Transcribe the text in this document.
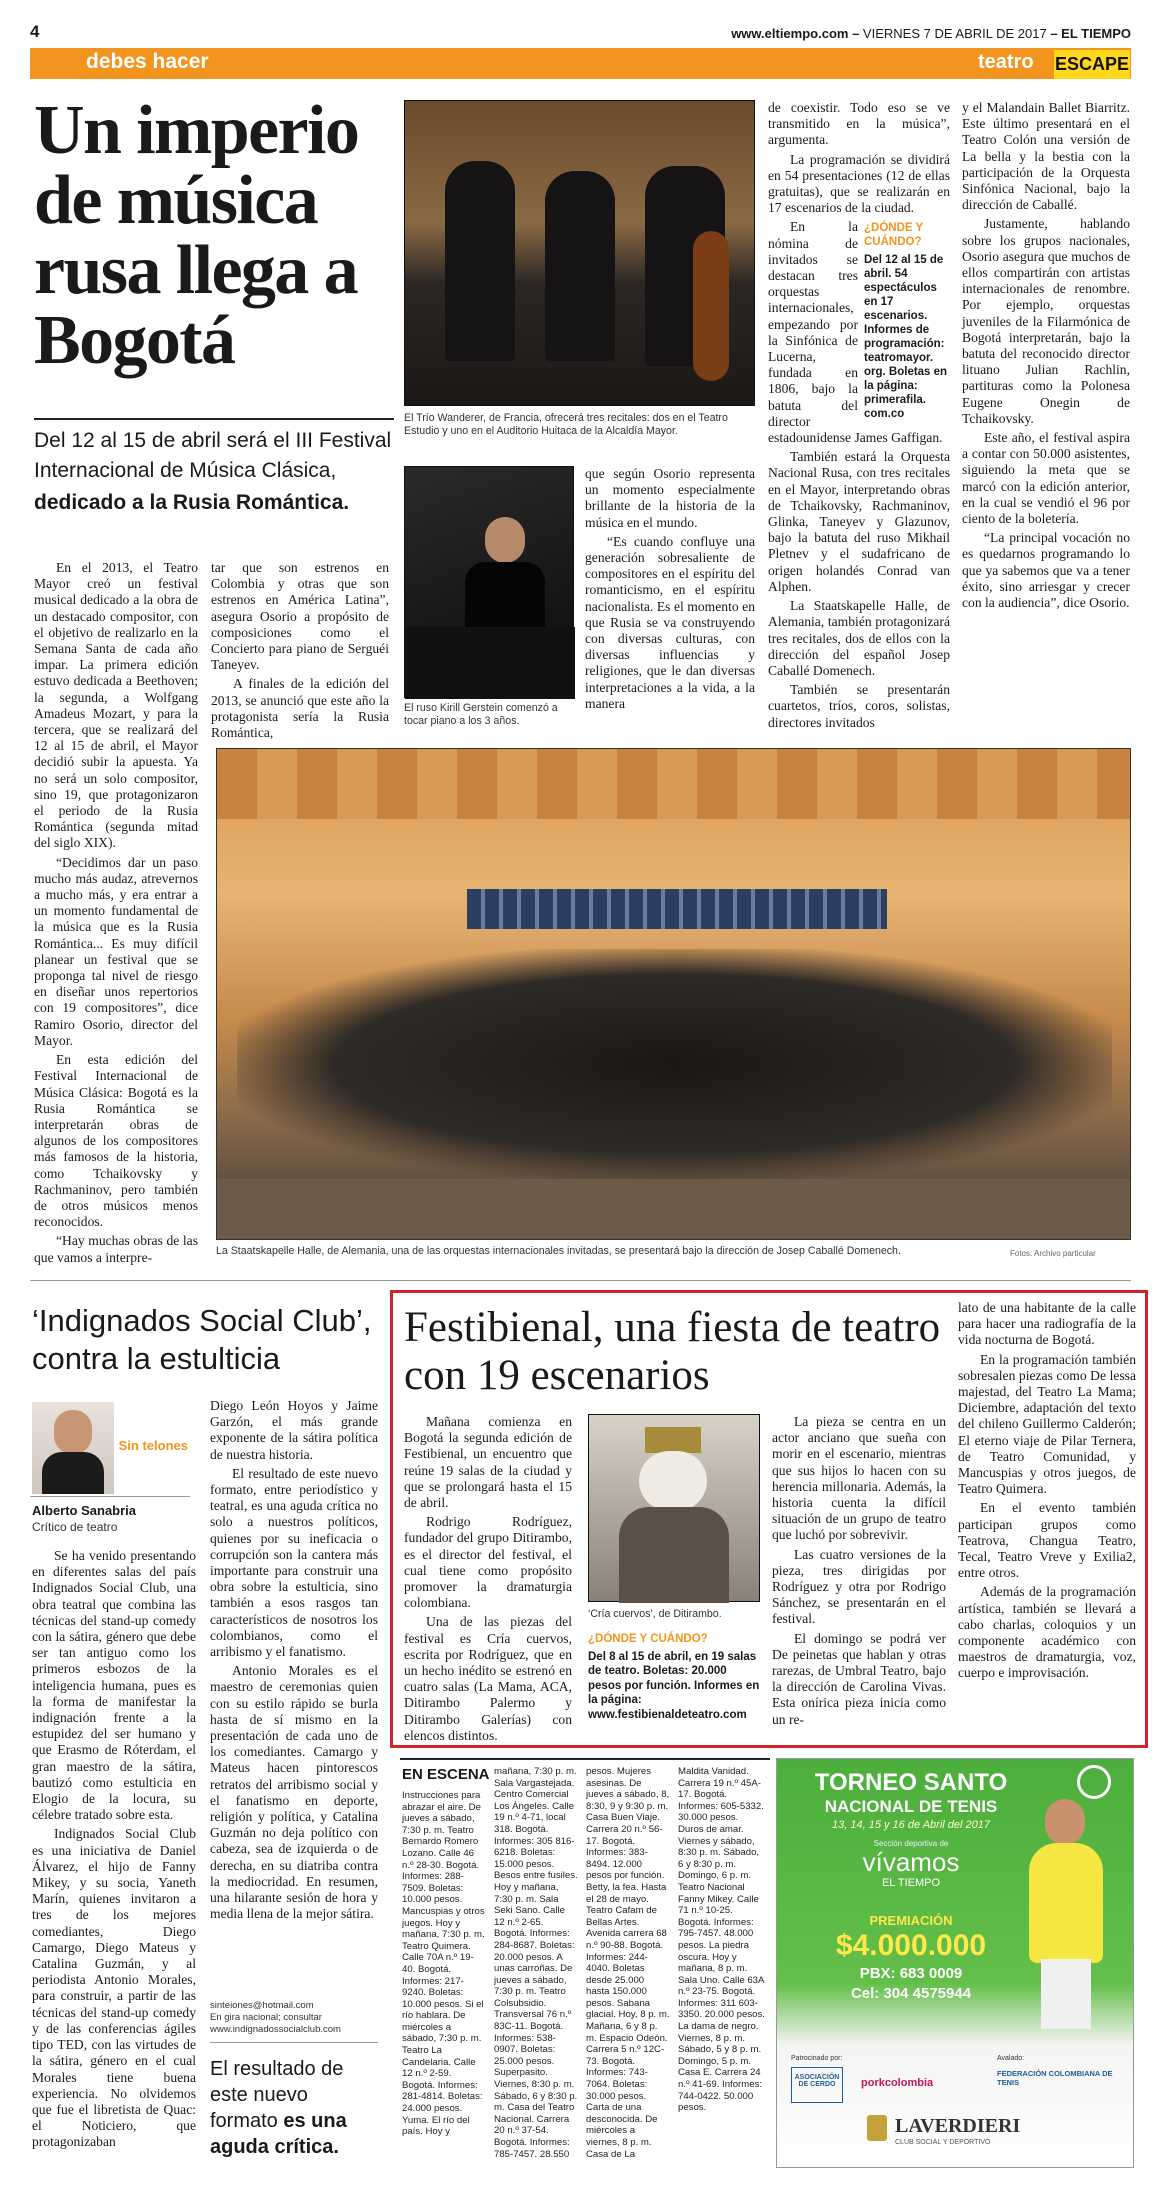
4	www.eltiempo.com – VIERNES 7 DE ABRIL DE 2017 – EL TIEMPO
debes hacer	teatro ESCAPE
Un imperio de música rusa llega a Bogotá
Del 12 al 15 de abril será el III Festival Internacional de Música Clásica,
dedicado a la Rusia Romántica.

En el 2013, el Teatro Mayor creó un festival musical dedicado a la obra de un destacado compositor, con el objetivo de realizarlo en la Semana Santa de cada año impar. La primera edición estuvo dedicada a Beethoven; la segunda, a Wolfgang Amadeus Mozart, y para la tercera, que se realizará del 12 al 15 de abril, el Mayor decidió subir la apuesta. Ya no será un solo compositor, sino 19, que protagonizaron el periodo de la Rusia Romántica (segunda mitad del siglo XIX).

“Decidimos dar un paso mucho más audaz, atrevernos a mucho más, y era entrar a un momento fundamental de la música que es la Rusia Romántica... Es muy difícil planear un festival que se proponga tal nivel de riesgo en diseñar unos repertorios con 19 compositores”, dice Ramiro Osorio, director del Mayor.

En esta edición del Festival Internacional de Música Clásica: Bogotá es la Rusia Romántica se interpretarán obras de algunos de los compositores más famosos de la historia, como Tchaikovsky y Rachmaninov, pero también de otros músicos menos reconocidos.

“Hay muchas obras de las que vamos a interpre-

tar que son estrenos en Colombia y otras que son estrenos en América Latina”, asegura Osorio a propósito de composiciones como el Concierto para piano de Serguéi Taneyev.

A finales de la edición del 2013, se anunció que este año la protagonista sería la Rusia Romántica,

El Trío Wanderer, de Francia, ofrecerá tres recitales: dos en el Teatro Estudio y uno en el Auditorio Huitaca de la Alcaldía Mayor.
El ruso Kirill Gerstein comenzó a tocar piano a los 3 años.

que según Osorio representa un momento especialmente brillante de la historia de la música en el mundo.

“Es cuando confluye una generación sobresaliente de compositores en el espíritu del romanticismo, en el espíritu nacionalista. Es el momento en que Rusia se va construyendo con diversas culturas, con diversas influencias y religiones, que le dan diversas interpretaciones a la vida, a la manera

de coexistir. Todo eso se ve transmitido en la música”, argumenta.

La programación se dividirá en 54 presentaciones (12 de ellas gratuitas), que se realizarán en 17 escenarios de la ciudad.

¿DÓNDE Y CUÁNDO?
Del 12 al 15 de abril. 54 espectáculos en 17 escenarios. Informes de programación: teatromayor. org. Boletas en la página: primerafila. com.co

En la nómina de invitados se destacan tres orquestas internacionales, empezando por la Sinfónica de Lucerna, fundada en 1806, bajo la batuta del director estadounidense James Gaffigan.

También estará la Orquesta Nacional Rusa, con tres recitales en el Mayor, interpretando obras de Tchaikovsky, Rachmaninov, Glinka, Taneyev y Glazunov, bajo la batuta del ruso Mikhail Pletnev y el sudafricano de origen holandés Conrad van Alphen.

La Staatskapelle Halle, de Alemania, también protagonizará tres recitales, dos de ellos con la dirección del español Josep Caballé Domenech.

También se presentarán cuartetos, tríos, coros, solistas, directores invitados

y el Malandain Ballet Biarritz. Este último presentará en el Teatro Colón una versión de La bella y la bestia con la participación de la Orquesta Sinfónica Nacional, bajo la dirección de Caballé.

Justamente, hablando sobre los grupos nacionales, Osorio asegura que muchos de ellos compartirán con artistas internacionales de renombre. Por ejemplo, orquestas juveniles de la Filarmónica de Bogotá interpretarán, bajo la batuta del reconocido director lituano Julian Rachlin, partituras como la Polonesa Eugene Onegin de Tchaikovsky.

Este año, el festival aspira a contar con 50.000 asistentes, siguiendo la meta que se marcó con la edición anterior, en la cual se vendió el 96 por ciento de la boletería.

“La principal vocación no es quedarnos programando lo que ya sabemos que va a tener éxito, sino arriesgar y crecer con la audiencia”, dice Osorio.

La Staatskapelle Halle, de Alemania, una de las orquestas internacionales invitadas, se presentará bajo la dirección de Josep Caballé Domenech.	Fotos: Archivo particular
‘Indignados Social Club’, contra la estulticia
Sin telones
Alberto Sanabria
Crítico de teatro

Se ha venido presentando en diferentes salas del país Indignados Social Club, una obra teatral que combina las técnicas del stand-up comedy con la sátira, género que debe ser tan antiguo como los primeros esbozos de la inteligencia humana, pues es la forma de manifestar la indignación frente a la estupidez del ser humano y que Erasmo de Róterdam, el gran maestro de la sátira, bautizó como estulticia en Elogio de la locura, su célebre tratado sobre esta.

Indignados Social Club es una iniciativa de Daniel Álvarez, el hijo de Fanny Mikey, y su socia, Yaneth Marín, quienes invitaron a tres de los mejores comediantes, Diego Camargo, Diego Mateus y Catalina Guzmán, y al periodista Antonio Morales, para construir, a partir de las técnicas del stand-up comedy y de las conferencias ágiles tipo TED, con las virtudes de la sátira, género en el cual Morales tiene buena experiencia. No olvidemos que fue el libretista de Quac: el Noticiero, que protagonizaban

Diego León Hoyos y Jaime Garzón, el más grande exponente de la sátira política de nuestra historia.

El resultado de este nuevo formato, entre periodístico y teatral, es una aguda crítica no solo a nuestros políticos, quienes por su ineficacia o corrupción son la cantera más importante para construir una obra sobre la estulticia, sino también a esos rasgos tan característicos de nosotros los colombianos, como el arribismo y el fanatismo.

Antonio Morales es el maestro de ceremonias quien con su estilo rápido se burla hasta de sí mismo en la presentación de cada uno de los comediantes. Camargo y Mateus hacen pintorescos retratos del arribismo social y el fanatismo en deporte, religión y política, y Catalina Guzmán no deja político con cabeza, sea de izquierda o de derecha, en su diatriba contra la mediocridad. En resumen, una hilarante sesión de hora y media llena de la mejor sátira.

sinteiones@hotmail.com
En gira nacional; consultar www.indignadossocialclub.com
El resultado de este nuevo formato es una aguda crítica.
Festibienal, una fiesta de teatro con 19 escenarios

Mañana comienza en Bogotá la segunda edición de Festibienal, un encuentro que reúne 19 salas de la ciudad y que se prolongará hasta el 15 de abril.

Rodrigo Rodríguez, fundador del grupo Ditirambo, es el director del festival, el cual tiene como propósito promover la dramaturgia colombiana.

Una de las piezas del festival es Cría cuervos, escrita por Rodríguez, que en un hecho inédito se estrenó en cuatro salas (La Mama, ACA, Ditirambo Palermo y Ditirambo Galerías) con elencos distintos.

‘Cría cuervos’, de Ditirambo.
¿DÓNDE Y CUÁNDO?
Del 8 al 15 de abril, en 19 salas de teatro. Boletas: 20.000 pesos por función. Informes en la página: www.festibienaldeteatro.com

La pieza se centra en un actor anciano que sueña con morir en el escenario, mientras que sus hijos lo hacen con su herencia millonaria. Además, la historia cuenta la difícil situación de un grupo de teatro que luchó por sobrevivir.

Las cuatro versiones de la pieza, tres dirigidas por Rodríguez y otra por Rodrigo Sánchez, se presentarán en el festival.

El domingo se podrá ver De peinetas que hablan y otras rarezas, de Umbral Teatro, bajo la dirección de Carolina Vivas. Esta onírica pieza inicia como un re-

lato de una habitante de la calle para hacer una radiografía de la vida nocturna de Bogotá.

En la programación también sobresalen piezas como De lessa majestad, del Teatro La Mama; Diciembre, adaptación del texto del chileno Guillermo Calderón; El eterno viaje de Pilar Ternera, de Teatro Comunidad, y Mancuspias y otros juegos, de Teatro Quimera.

En el evento también participan grupos como Teatrova, Changua Teatro, Tecal, Teatro Vreve y Exilia2, entre otros.

Además de la programación artística, también se llevará a cabo charlas, coloquios y un componente académico con maestros de dramaturgia, voz, cuerpo e improvisación.

EN ESCENA
Instrucciones para abrazar el aire. De jueves a sábado, 7:30 p. m. Teatro Bernardo Romero Lozano. Calle 46 n.º 28-30. Bogotá. Informes: 288-7509. Boletas: 10.000 pesos. Mancuspias y otros juegos. Hoy y mañana, 7:30 p. m. Teatro Quimera. Calle 70A n.º 19-40. Bogotá. Informes: 217-9240. Boletas: 10.000 pesos. Si el río hablara. De miércoles a sábado, 7:30 p. m. Teatro La Candelaria. Calle 12 n.º 2-59. Bogotá. Informes: 281-4814. Boletas: 24.000 pesos. Yuma. El río del país. Hoy y
mañana, 7:30 p. m. Sala Vargastejada. Centro Comercial Los Ángeles. Calle 19 n.º 4-71, local 318. Bogotá. Informes: 305 816-6218. Boletas: 15.000 pesos. Besos entre fusiles. Hoy y mañana, 7:30 p. m. Sala Seki Sano. Calle 12 n.º 2-65. Bogotá. Informes: 284-8687. Boletas: 20.000 pesos. A unas carroñas. De jueves a sábado, 7:30 p. m. Teatro Colsubsidio. Transversal 76 n.º 83C-11. Bogotá. Informes: 538-0907. Boletas: 25.000 pesos. Superpasito. Viernes, 8:30 p. m. Sábado, 6 y 8:30 p. m. Casa del Teatro Nacional. Carrera 20 n.º 37-54. Bogotá. Informes: 785-7457. 28.550
pesos. Mujeres asesinas. De jueves a sábado, 8, 8:30, 9 y 9:30 p. m. Casa Buen Viaje. Carrera 20 n.º 56-17. Bogotá. Informes: 383-8494. 12.000 pesos por función. Betty, la fea. Hasta el 28 de mayo. Teatro Cafam de Bellas Artes. Avenida carrera 68 n.º 90-88. Bogotá. Informes: 244-4040. Boletas desde 25.000 hasta 150.000 pesos. Sabana glacial. Hoy, 8 p. m. Mañana, 6 y 8 p. m. Espacio Odeón. Carrera 5 n.º 12C-73. Bogotá. Informes: 743-7064. Boletas: 30.000 pesos. Carta de una desconocida. De miércoles a viernes, 8 p. m. Casa de La
Maldita Vanidad. Carrera 19 n.º 45A-17. Bogotá. Informes: 605-5332. 30.000 pesos. Duros de amar. Viernes y sábado, 8:30 p. m. Sábado, 6 y 8:30 p. m. Domingo, 6 p. m. Teatro Nacional Fanny Mikey. Calle 71 n.º 10-25. Bogotá. Informes: 795-7457. 48.000 pesos. La piedra oscura. Hoy y mañana, 8 p. m. Sala Uno. Calle 63A n.º 23-75. Bogotá. Informes: 311 603-3350. 20.000 pesos. La dama de negro. Viernes, 8 p. m. Sábado, 5 y 8 p. m. Domingo, 5 p. m. Casa E. Carrera 24 n.º 41-69. Informes: 744-0422. 50.000 pesos.
TORNEO SANTO
NACIONAL DE TENIS
13, 14, 15 y 16 de Abril del 2017
Sección deportiva de
vívamos
EL TIEMPO
PREMIACIÓN
$4.000.000
PBX: 683 0009
Cel: 304 4575944
Patrocinado por:
ASOCIACIÓN DE CERDO	porkcolombia
Avalado:
FEDERACIÓN COLOMBIANA DE TENIS
LAVERDIERI
CLUB SOCIAL Y DEPORTIVO
